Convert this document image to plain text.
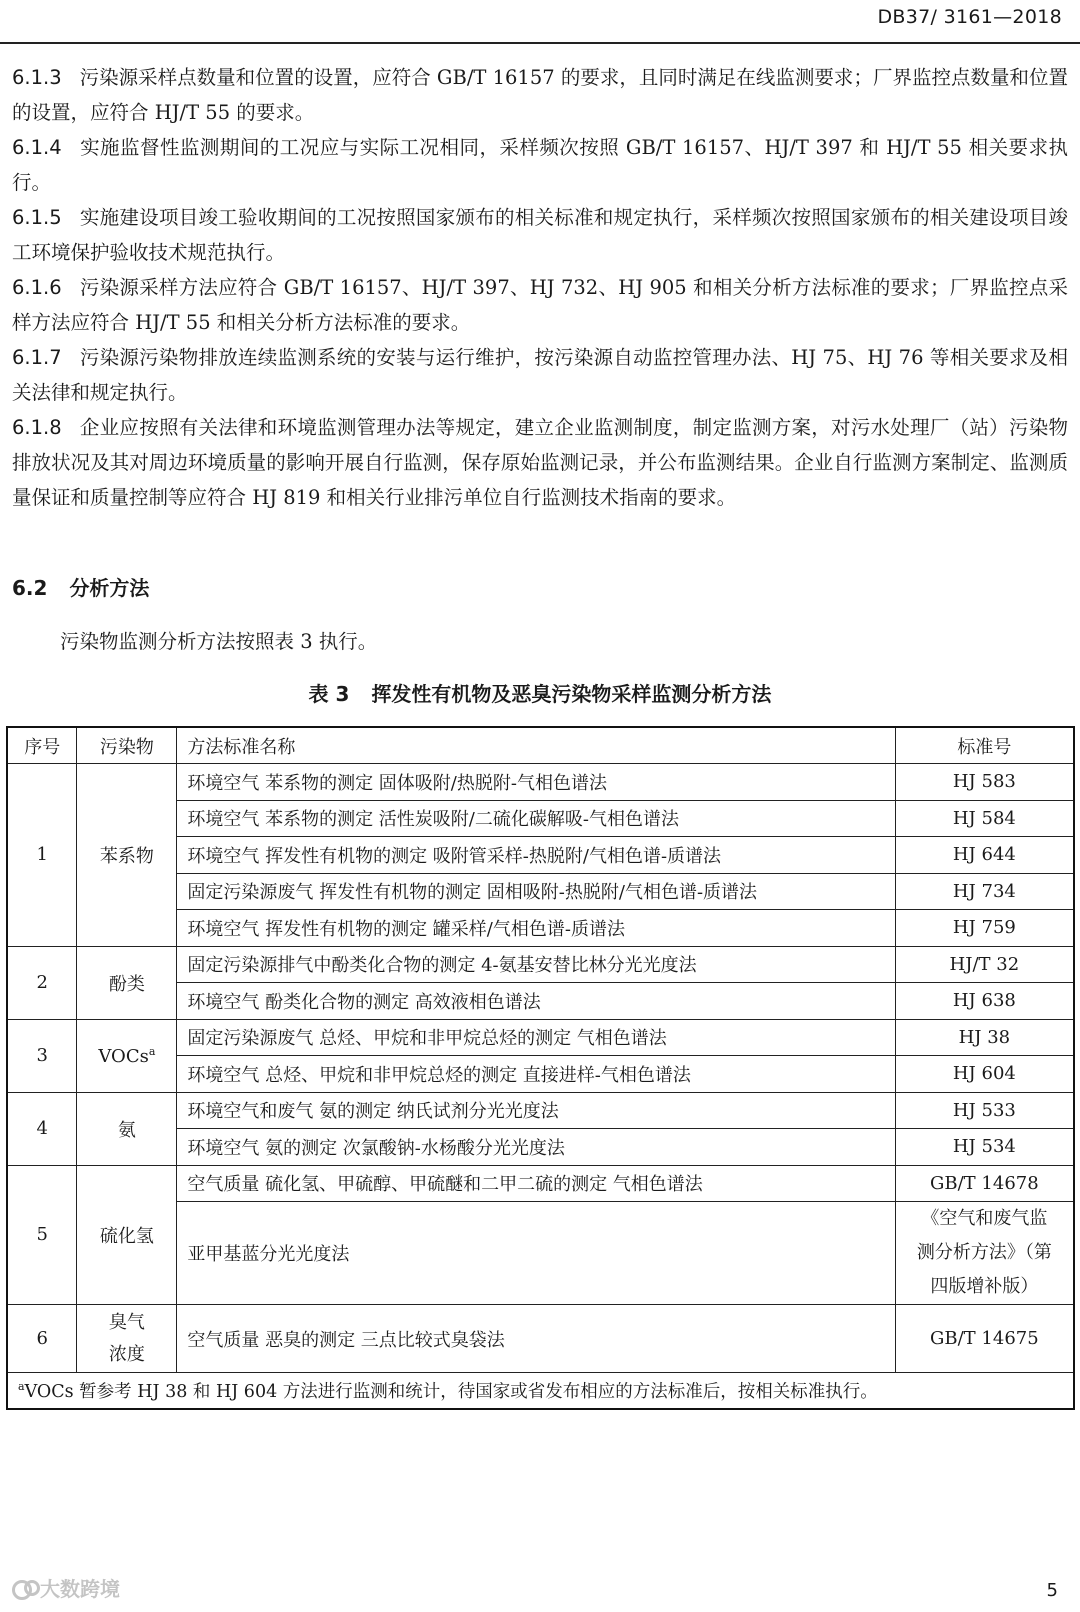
DB37/ 3161—2018

6.1.3 污染源采样点数量和位置的设置，应符合 GB/T 16157 的要求，且同时满足在线监测要求；厂界监控点数量和位置的设置，应符合 HJ/T 55 的要求。

6.1.4 实施监督性监测期间的工况应与实际工况相同，采样频次按照 GB/T 16157、HJ/T 397 和 HJ/T 55 相关要求执行。

6.1.5 实施建设项目竣工验收期间的工况按照国家颁布的相关标准和规定执行，采样频次按照国家颁布的相关建设项目竣工环境保护验收技术规范执行。

6.1.6 污染源采样方法应符合 GB/T 16157、HJ/T 397、HJ 732、HJ 905 和相关分析方法标准的要求；厂界监控点采样方法应符合 HJ/T 55 和相关分析方法标准的要求。

6.1.7 污染源污染物排放连续监测系统的安装与运行维护，按污染源自动监控管理办法、HJ 75、HJ 76 等相关要求及相关法律和规定执行。

6.1.8 企业应按照有关法律和环境监测管理办法等规定，建立企业监测制度，制定监测方案，对污水处理厂（站）污染物排放状况及其对周边环境质量的影响开展自行监测，保存原始监测记录，并公布监测结果。企业自行监测方案制定、监测质量保证和质量控制等应符合 HJ 819 和相关行业排污单位自行监测技术指南的要求。

6.2 分析方法
污染物监测分析方法按照表 3 执行。
表 3 挥发性有机物及恶臭污染物采样监测分析方法
序号	污染物	方法标准名称	标准号
1	苯系物	环境空气 苯系物的测定 固体吸附/热脱附-气相色谱法	HJ 583
		环境空气 苯系物的测定 活性炭吸附/二硫化碳解吸-气相色谱法	HJ 584
		环境空气 挥发性有机物的测定 吸附管采样-热脱附/气相色谱-质谱法	HJ 644
		固定污染源废气 挥发性有机物的测定 固相吸附-热脱附/气相色谱-质谱法	HJ 734
		环境空气 挥发性有机物的测定 罐采样/气相色谱-质谱法	HJ 759
2	酚类	固定污染源排气中酚类化合物的测定 4-氨基安替比林分光光度法	HJ/T 32
		环境空气 酚类化合物的测定 高效液相色谱法	HJ 638
3	VOCs$^a$	固定污染源废气 总烃、甲烷和非甲烷总烃的测定 气相色谱法	HJ 38
		环境空气 总烃、甲烷和非甲烷总烃的测定 直接进样-气相色谱法	HJ 604
4	氨	环境空气和废气 氨的测定 纳氏试剂分光光度法	HJ 533
		环境空气 氨的测定 次氯酸钠-水杨酸分光光度法	HJ 534
5	硫化氢	空气质量 硫化氢、甲硫醇、甲硫醚和二甲二硫的测定 气相色谱法	GB/T 14678
		亚甲基蓝分光光度法	《空气和废气监
测分析方法》（第
四版增补版）

6	臭气
浓度	空气质量 恶臭的测定 三点比较式臭袋法	GB/T 14675
$^a$VOCs 暂参考 HJ 38 和 HJ 604 方法进行监测和统计，待国家或省发布相应的方法标准后，按相关标准执行。			
大数跨境	5
